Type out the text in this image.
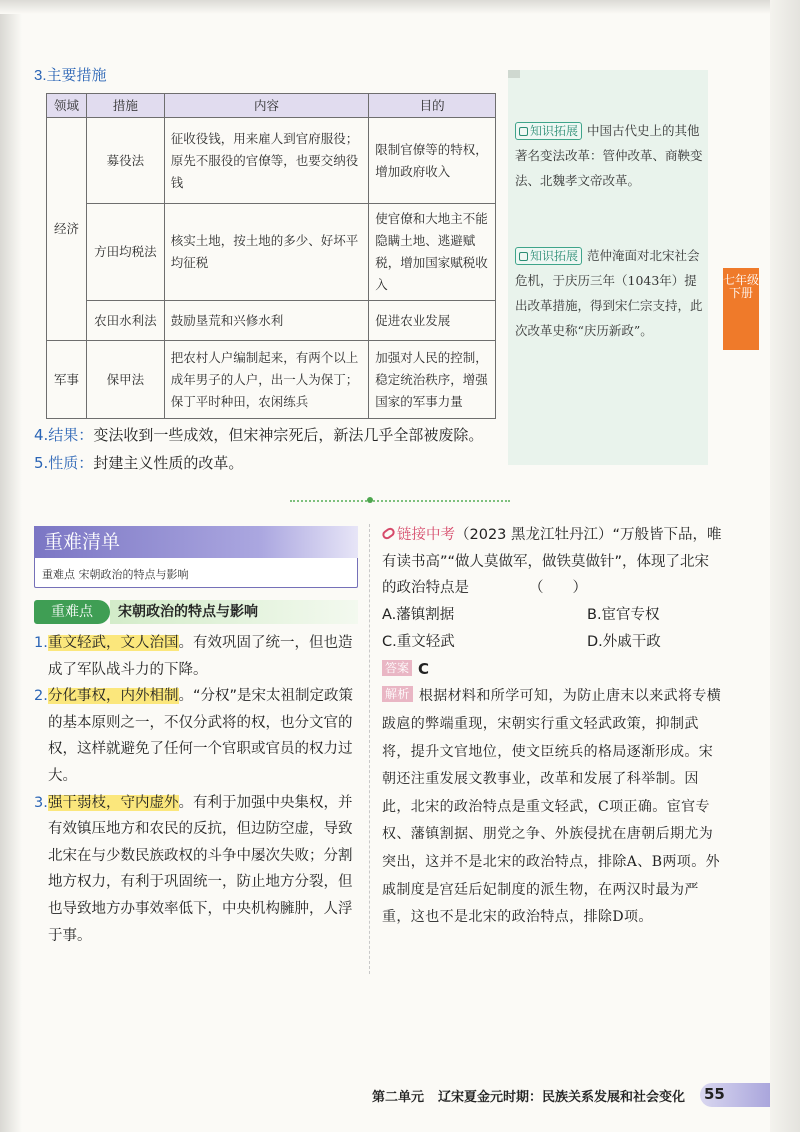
3.主要措施
领域	措施	内容	目的
经济	募役法	征收役钱，用来雇人到官府服役；原先不服役的官僚等，也要交纳役钱	限制官僚等的特权，增加政府收入
	方田均税法	核实土地，按土地的多少、好坏平均征税	使官僚和大地主不能隐瞒土地、逃避赋税，增加国家赋税收入
	农田水利法	鼓励垦荒和兴修水利	促进农业发展
军事	保甲法	把农村人户编制起来，有两个以上成年男子的人户，出一人为保丁；保丁平时种田，农闲练兵	加强对人民的控制，稳定统治秩序，增强国家的军事力量
4.结果：变法收到一些成效，但宋神宗死后，新法几乎全部被废除。
5.性质：封建主义性质的改革。
知识拓展 中国古代史上的其他著名变法改革：管仲改革、商鞅变法、北魏孝文帝改革。
知识拓展 范仲淹面对北宋社会危机，于庆历三年（1043年）提出改革措施，得到宋仁宗支持，此次改革史称“庆历新政”。
七年级下册
重难清单
重难点 宋朝政治的特点与影响
重难点	宋朝政治的特点与影响
1. 重文轻武，文人治国。有效巩固了统一，但也造成了军队战斗力的下降。
2. 分化事权，内外相制。“分权”是宋太祖制定政策的基本原则之一，不仅分武将的权，也分文官的权，这样就避免了任何一个官职或官员的权力过大。
3. 强干弱枝，守内虚外。有利于加强中央集权，并有效镇压地方和农民的反抗，但边防空虚，导致北宋在与少数民族政权的斗争中屡次失败；分割地方权力，有利于巩固统一，防止地方分裂，但也导致地方办事效率低下，中央机构臃肿，人浮于事。
链接中考（2023 黑龙江牡丹江）“万般皆下品，唯有读书高”“做人莫做军，做铁莫做针”，体现了北宋的政治特点是	（　　）
A.藩镇割据	B.宦官专权
C.重文轻武	D.外戚干政
答案 C
解析 根据材料和所学可知，为防止唐末以来武将专横跋扈的弊端重现，宋朝实行重文轻武政策，抑制武将，提升文官地位，使文臣统兵的格局逐渐形成。宋朝还注重发展文教事业，改革和发展了科举制。因此，北宋的政治特点是重文轻武，C项正确。宦官专权、藩镇割据、朋党之争、外族侵扰在唐朝后期尤为突出，这并不是北宋的政治特点，排除A、B两项。外戚制度是宫廷后妃制度的派生物，在两汉时最为严重，这也不是北宋的政治特点，排除D项。
第二单元 辽宋夏金元时期：民族关系发展和社会变化 55
